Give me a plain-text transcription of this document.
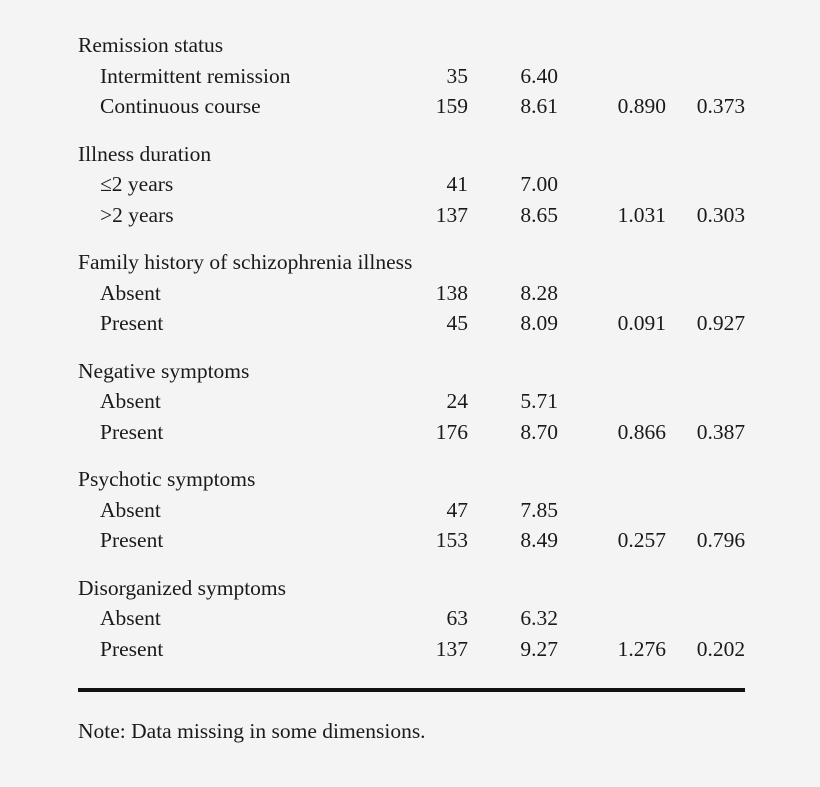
Remission status				
Intermittent remission	35	6.40		
Continuous course	159	8.61	0.890	0.373

Illness duration				
≤2 years	41	7.00		
>2 years	137	8.65	1.031	0.303

Family history of schizophrenia illness				
Absent	138	8.28		
Present	45	8.09	0.091	0.927

Negative symptoms				
Absent	24	5.71		
Present	176	8.70	0.866	0.387

Psychotic symptoms				
Absent	47	7.85		
Present	153	8.49	0.257	0.796

Disorganized symptoms				
Absent	63	6.32		
Present	137	9.27	1.276	0.202
Note: Data missing in some dimensions.
